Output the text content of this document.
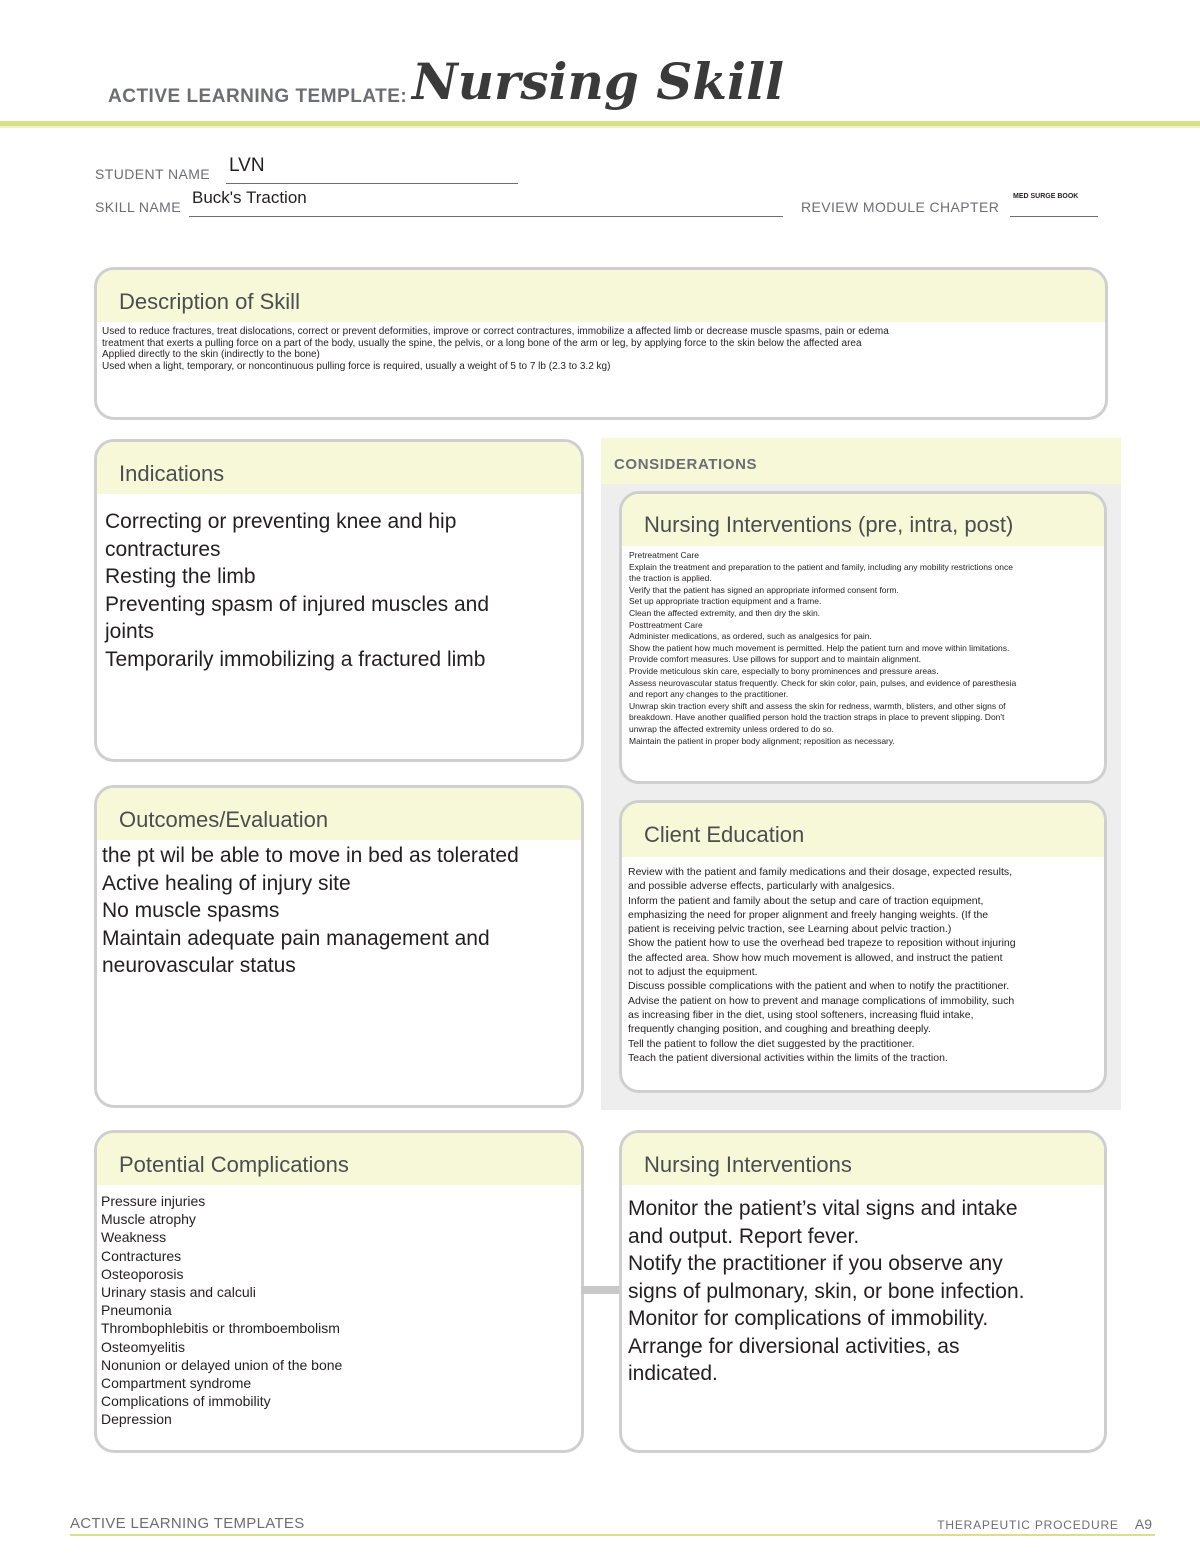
ACTIVE LEARNING TEMPLATE: Nursing Skill
STUDENT NAME LVN
SKILL NAME Buck's Traction	REVIEW MODULE CHAPTER
MED SURGE BOOK
Description of Skill
Used to reduce fractures, treat dislocations, correct or prevent deformities, improve or correct contractures, immobilize a affected limb or decrease muscle spasms, pain or edema
treatment that exerts a pulling force on a part of the body, usually the spine, the pelvis, or a long bone of the arm or leg, by applying force to the skin below the affected area
Applied directly to the skin (indirectly to the bone)
Used when a light, temporary, or noncontinuous pulling force is required, usually a weight of 5 to 7 lb (2.3 to 3.2 kg)
Indications
Correcting or preventing knee and hip
contractures
Resting the limb
Preventing spasm of injured muscles and
joints
Temporarily immobilizing a fractured limb
CONSIDERATIONS
Nursing Interventions (pre, intra, post)
Pretreatment Care
Explain the treatment and preparation to the patient and family, including any mobility restrictions once
the traction is applied.
Verify that the patient has signed an appropriate informed consent form.
Set up appropriate traction equipment and a frame.
Clean the affected extremity, and then dry the skin.
Posttreatment Care
Administer medications, as ordered, such as analgesics for pain.
Show the patient how much movement is permitted. Help the patient turn and move within limitations.
Provide comfort measures. Use pillows for support and to maintain alignment.
Provide meticulous skin care, especially to bony prominences and pressure areas.
Assess neurovascular status frequently. Check for skin color, pain, pulses, and evidence of paresthesia
and report any changes to the practitioner.
Unwrap skin traction every shift and assess the skin for redness, warmth, blisters, and other signs of
breakdown. Have another qualified person hold the traction straps in place to prevent slipping. Don't
unwrap the affected extremity unless ordered to do so.
Maintain the patient in proper body alignment; reposition as necessary.
Outcomes/Evaluation
the pt wil be able to move in bed as tolerated
Active healing of injury site
No muscle spasms
Maintain adequate pain management and
neurovascular status
Client Education
Review with the patient and family medications and their dosage, expected results,
and possible adverse effects, particularly with analgesics.
Inform the patient and family about the setup and care of traction equipment,
emphasizing the need for proper alignment and freely hanging weights. (If the
patient is receiving pelvic traction, see Learning about pelvic traction.)
Show the patient how to use the overhead bed trapeze to reposition without injuring
the affected area. Show how much movement is allowed, and instruct the patient
not to adjust the equipment.
Discuss possible complications with the patient and when to notify the practitioner.
Advise the patient on how to prevent and manage complications of immobility, such
as increasing fiber in the diet, using stool softeners, increasing fluid intake,
frequently changing position, and coughing and breathing deeply.
Tell the patient to follow the diet suggested by the practitioner.
Teach the patient diversional activities within the limits of the traction.
Potential Complications
Pressure injuries
Muscle atrophy
Weakness
Contractures
Osteoporosis
Urinary stasis and calculi
Pneumonia
Thrombophlebitis or thromboembolism
Osteomyelitis
Nonunion or delayed union of the bone
Compartment syndrome
Complications of immobility
Depression
Nursing Interventions
Monitor the patient’s vital signs and intake
and output. Report fever.
Notify the practitioner if you observe any
signs of pulmonary, skin, or bone infection.
Monitor for complications of immobility.
Arrange for diversional activities, as
indicated.
ACTIVE LEARNING TEMPLATES	THERAPEUTIC PROCEDURE A9
